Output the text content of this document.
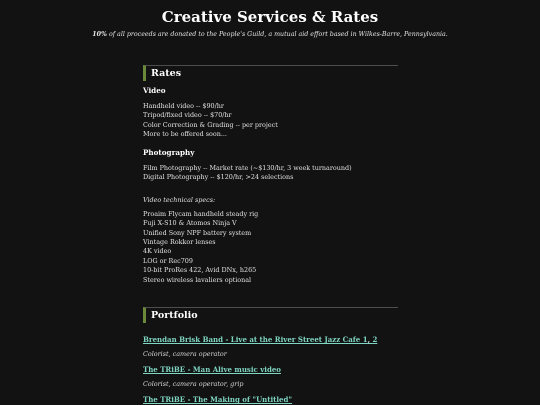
Creative Services & Rates
10% of all proceeds are donated to the People's Guild, a mutual aid effort based in Wilkes-Barre, Pennsylvania.
Rates
Video
Handheld video -- $90/hr
Tripod/fixed video -- $70/hr
Color Correction & Grading -- per project
More to be offered soon...
Photography
Film Photography -- Market rate (~$130/hr, 3 week turnaround)
Digital Photography -- $120/hr, >24 selections
Video technical specs:
Proaim Flycam handheld steady rig
Fuji X-S10 & Atomos Ninja V
Unified Sony NPF battery system
Vintage Rokkor lenses
4K video
LOG or Rec709
10-bit ProRes 422, Avid DNx, h265
Stereo wireless lavaliers optional
Portfolio
Brendan Brisk Band - Live at the River Street Jazz Cafe 1, 2
Colorist, camera operator
The TRiBE - Man Alive music video
Colorist, camera operator, grip
The TRiBE - The Making of "Untitled"
